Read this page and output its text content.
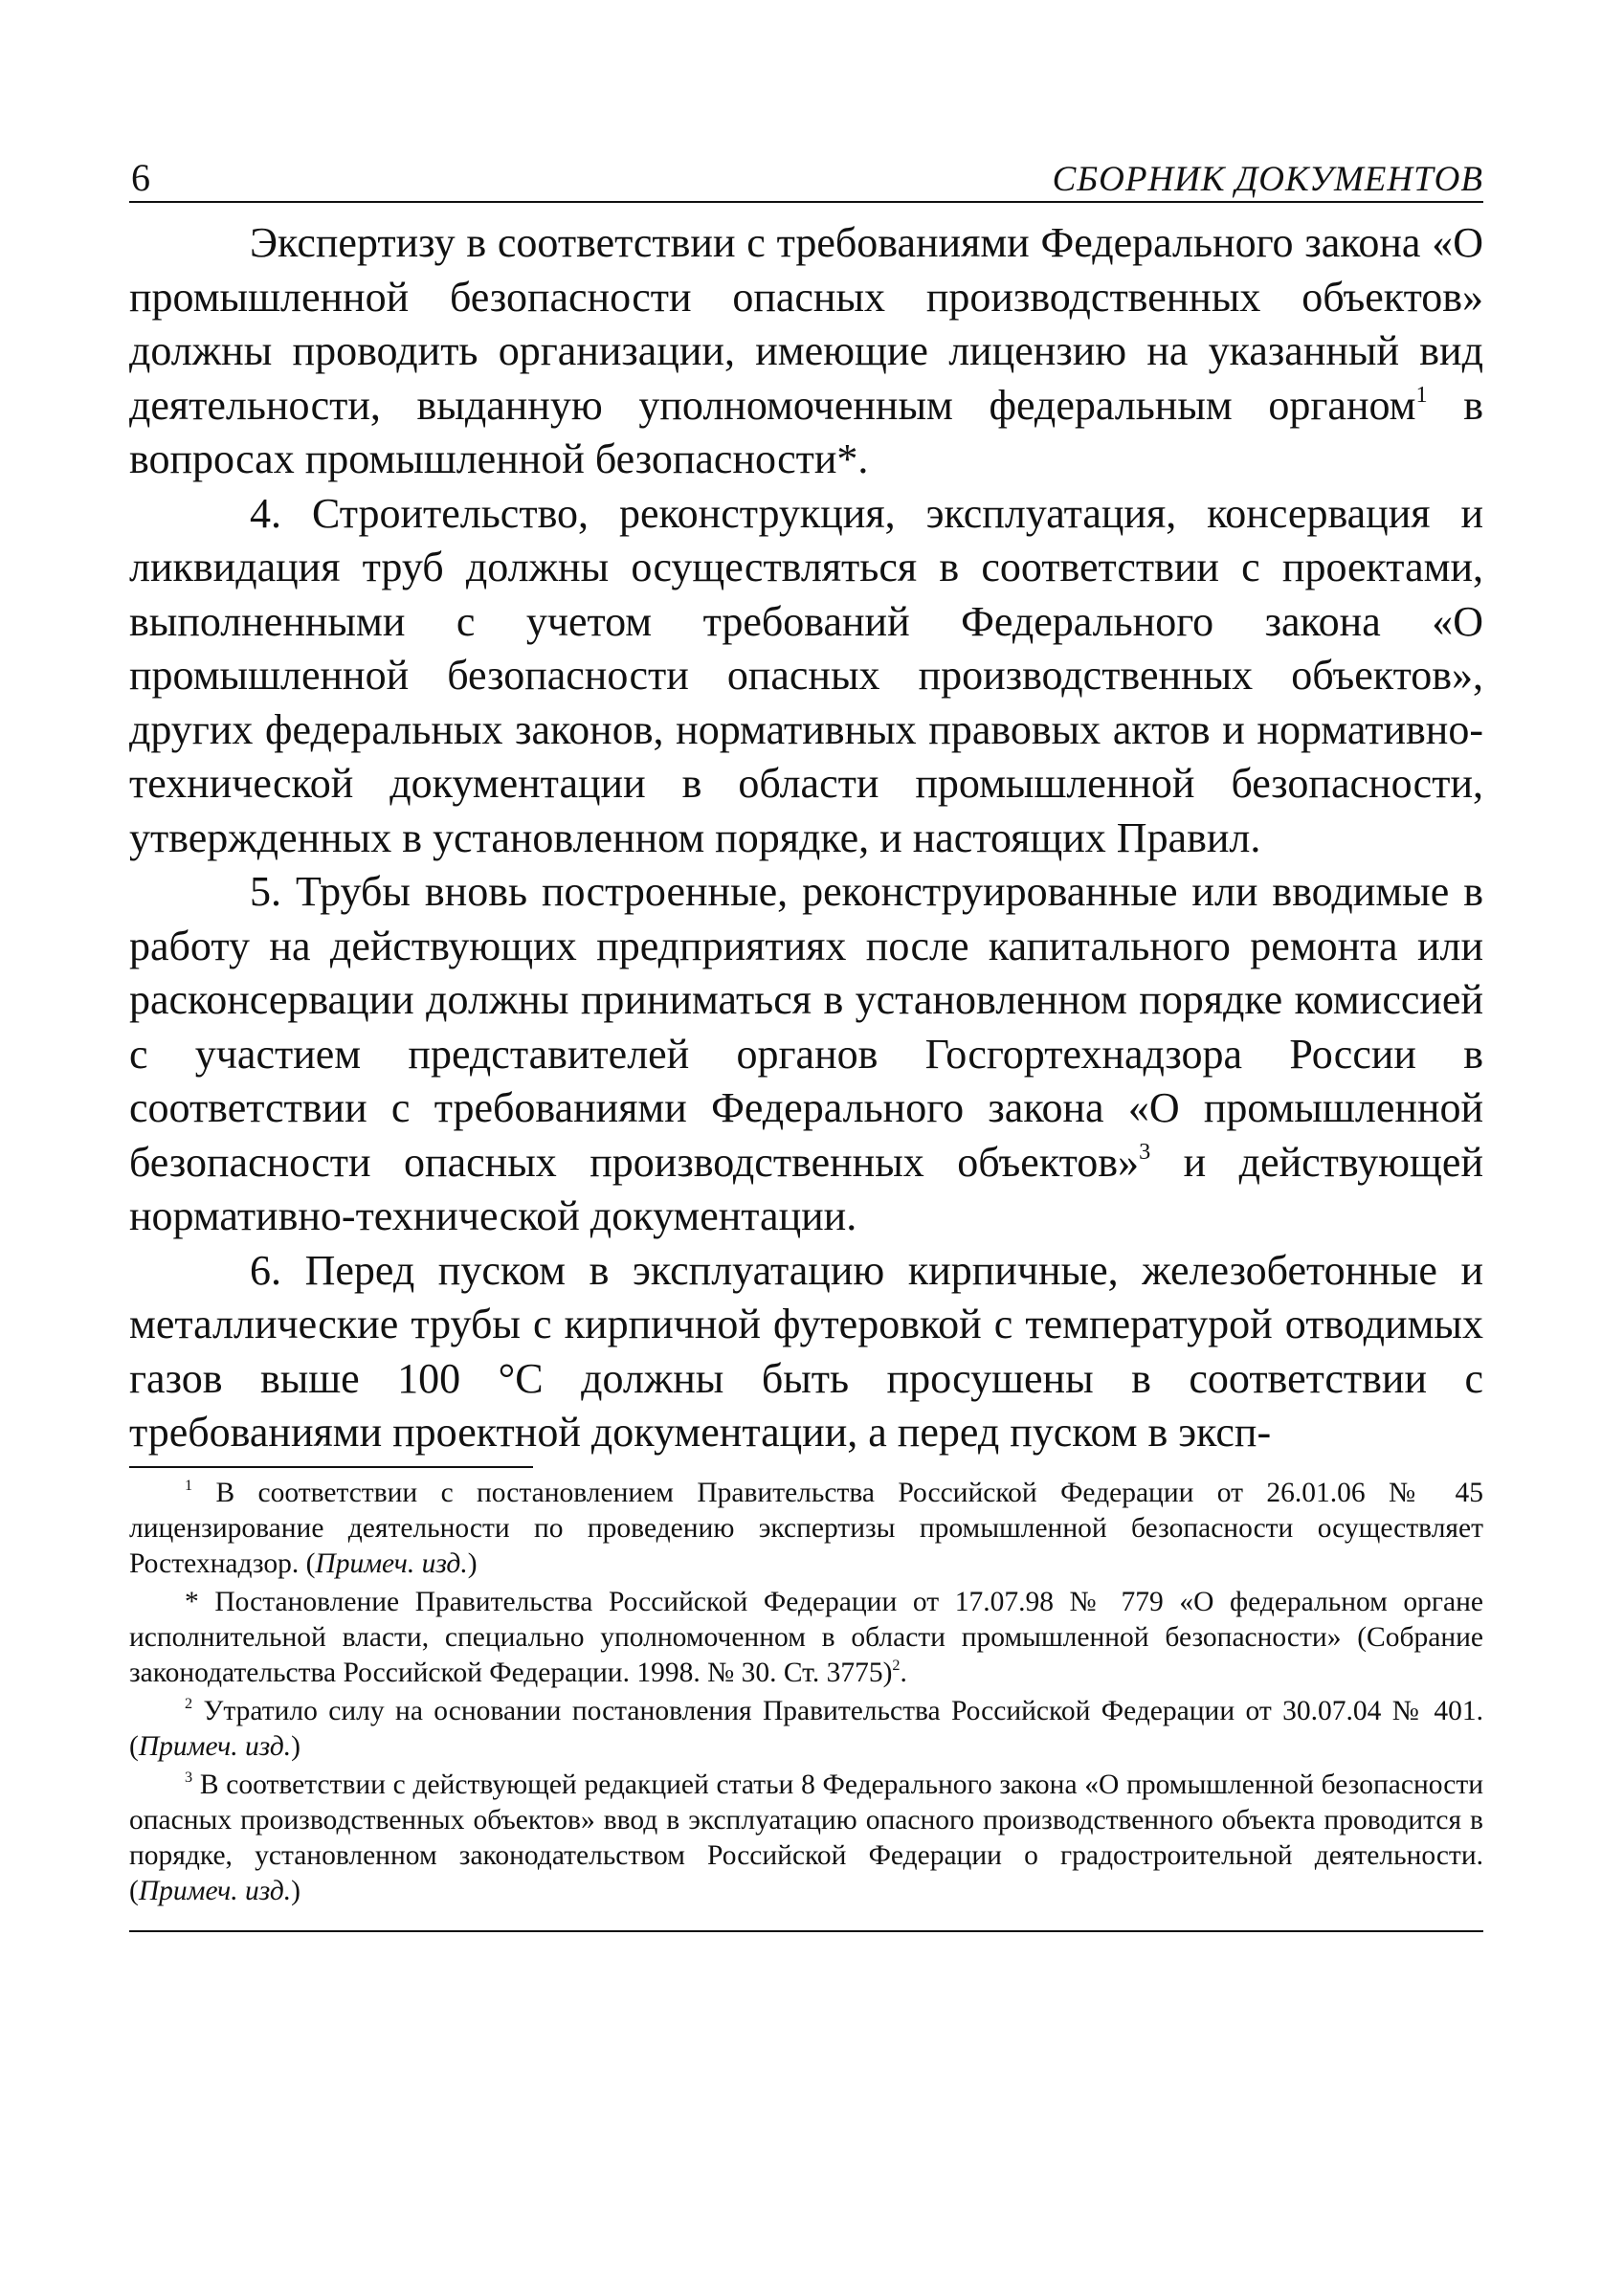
6	СБОРНИК ДОКУМЕНТОВ

Экспертизу в соответствии с требованиями Федерального закона «О промышленной безопасности опасных производственных объектов» должны проводить организации, имеющие лицензию на указанный вид деятельности, выданную уполномоченным федеральным органом$^1$ в вопросах промышленной безопасности*.

4. Строительство, реконструкция, эксплуатация, консервация и ликвидация труб должны осуществляться в соответствии с проектами, выполненными с учетом требований Федерального закона «О промышленной безопасности опасных производственных объектов», других федеральных законов, нормативных правовых актов и нормативно-технической документации в области промышленной безопасности, утвержденных в установленном порядке, и настоящих Правил.

5. Трубы вновь построенные, реконструированные или вводимые в работу на действующих предприятиях после капитального ремонта или расконсервации должны приниматься в установленном порядке комиссией с участием представителей органов Госгортехнадзора России в соответствии с требованиями Федерального закона «О промышленной безопасности опасных производственных объектов»$^3$ и действующей нормативно-технической документации.

6. Перед пуском в эксплуатацию кирпичные, железобетонные и металлические трубы с кирпичной футеровкой с температурой отводимых газов выше 100 °С должны быть просушены в соответствии с требованиями проектной документации, а перед пуском в эксп-

$^1$ В соответствии с постановлением Правительства Российской Федерации от 26.01.06 № 45 лицензирование деятельности по проведению экспертизы промышленной безопасности осуществляет Ростехнадзор. (Примеч. изд.)

* Постановление Правительства Российской Федерации от 17.07.98 № 779 «О федеральном органе исполнительной власти, специально уполномоченном в области промышленной безопасности» (Собрание законодательства Российской Федерации. 1998. № 30. Ст. 3775)$^2$.

$^2$ Утратило силу на основании постановления Правительства Российской Федерации от 30.07.04 № 401. (Примеч. изд.)

$^3$ В соответствии с действующей редакцией статьи 8 Федерального закона «О промышленной безопасности опасных производственных объектов» ввод в эксплуатацию опасного производственного объекта проводится в порядке, установленном законодательством Российской Федерации о градостроительной деятельности. (Примеч. изд.)
